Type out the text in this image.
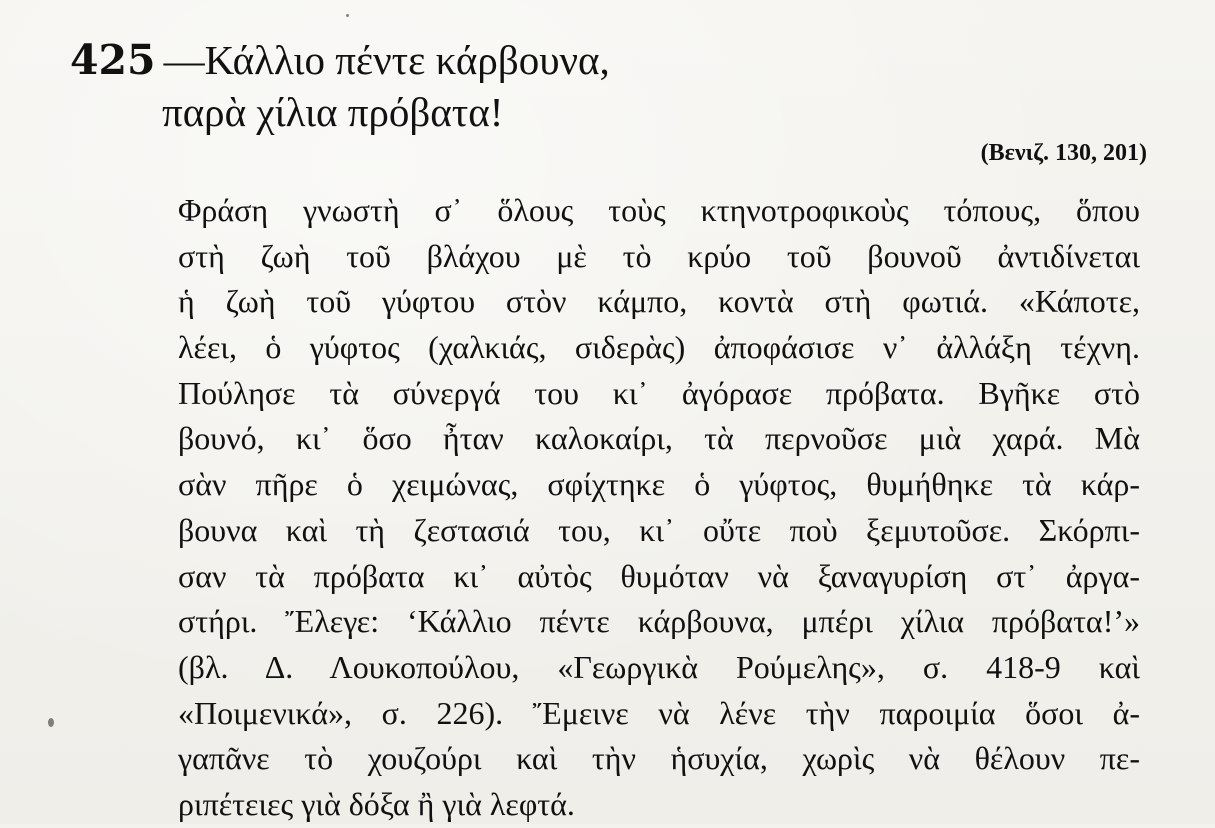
425 —Κάλλιο πέντε κάρβουνα,
παρὰ χίλια πρόβατα!
(Βενιζ. 130, 201)
Φράση γνωστὴ σ᾽ ὅλους τοὺς κτηνοτροφικοὺς τόπους, ὅπου
στὴ ζωὴ τοῦ βλάχου μὲ τὸ κρύο τοῦ βουνοῦ ἀντιδίνεται
ἡ ζωὴ τοῦ γύφτου στὸν κάμπο, κοντὰ στὴ φωτιά. «Κάποτε,
λέει, ὁ γύφτος (χαλκιάς, σιδερὰς) ἀποφάσισε ν᾽ ἀλλάξη τέχνη.
Πούλησε τὰ σύνεργά του κι᾽ ἀγόρασε πρόβατα. Βγῆκε στὸ
βουνό, κι᾽ ὅσο ἦταν καλοκαίρι, τὰ περνοῦσε μιὰ χαρά. Μὰ
σὰν πῆρε ὁ χειμώνας, σφίχτηκε ὁ γύφτος, θυμήθηκε τὰ κάρ-
βουνα καὶ τὴ ζεστασιά του, κι᾽ οὔτε ποὺ ξεμυτοῦσε. Σκόρπι-
σαν τὰ πρόβατα κι᾽ αὐτὸς θυμόταν νὰ ξαναγυρίση στ᾽ ἀργα-
στήρι. Ἔλεγε: ‘Κάλλιο πέντε κάρβουνα, μπέρι χίλια πρόβατα!’»
(βλ. Δ. Λουκοπούλου, «Γεωργικὰ Ρούμελης», σ. 418-9 καὶ
«Ποιμενικά», σ. 226). Ἔμεινε νὰ λένε τὴν παροιμία ὅσοι ἀ-
γαπᾶνε τὸ χουζούρι καὶ τὴν ἡσυχία, χωρὶς νὰ θέλουν πε-
ριπέτειες γιὰ δόξα ἢ γιὰ λεφτά.
